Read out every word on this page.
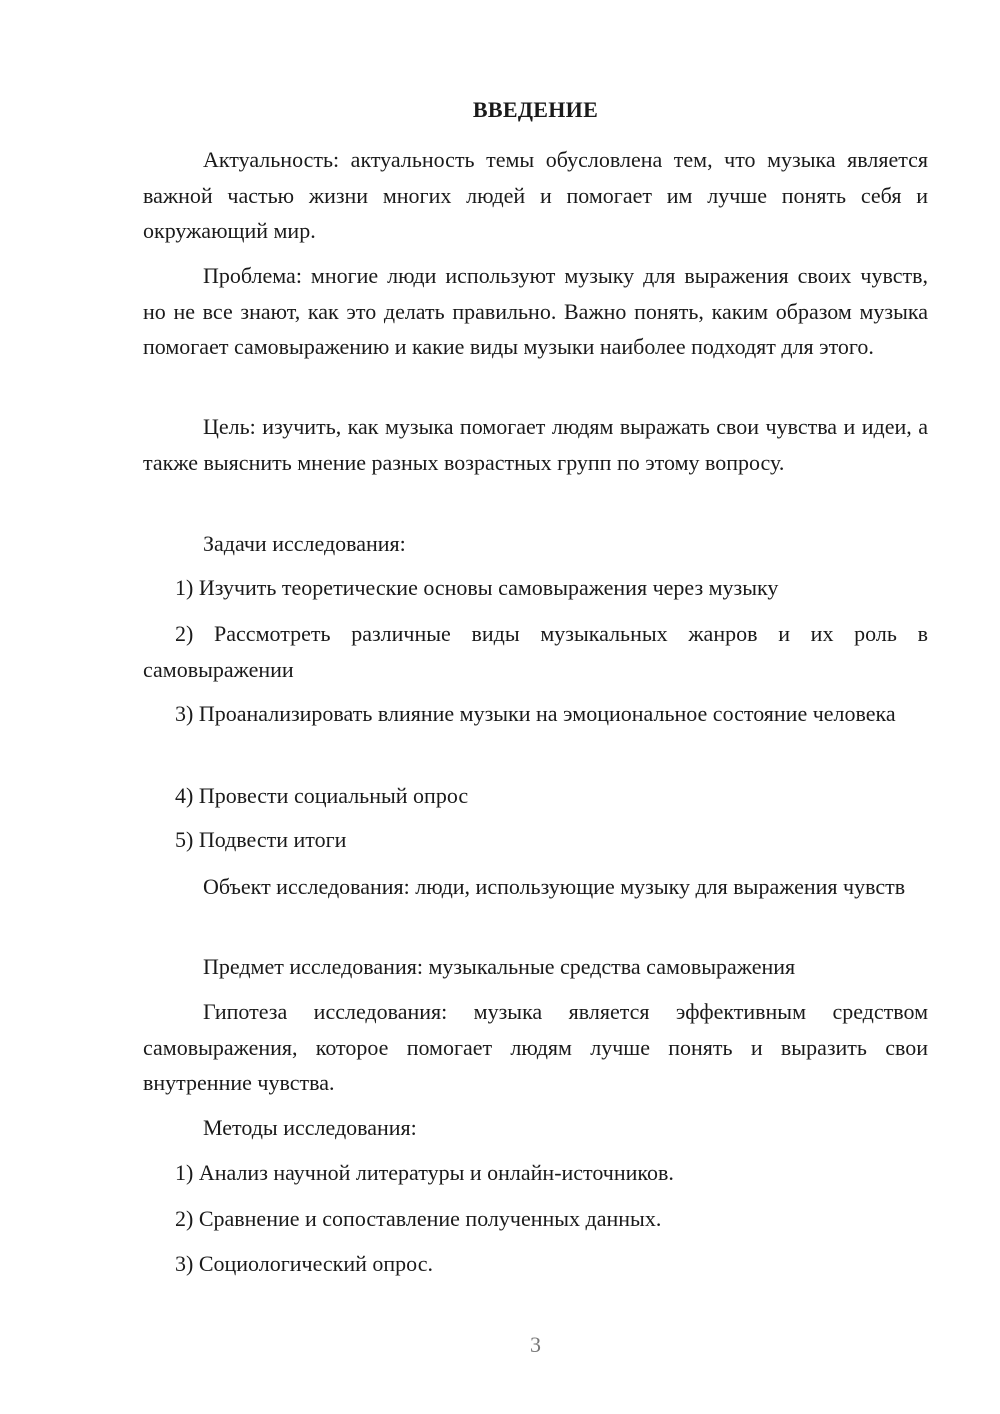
ВВЕДЕНИЕ

Актуальность: актуальность темы обусловлена тем, что музыка является важной частью жизни многих людей и помогает им лучше понять себя и окружающий мир.

Проблема: многие люди используют музыку для выражения своих чувств, но не все знают, как это делать правильно. Важно понять, каким образом музыка помогает самовыражению и какие виды музыки наиболее подходят для этого.

Цель: изучить, как музыка помогает людям выражать свои чувства и идеи, а также выяснить мнение разных возрастных групп по этому вопросу.

Задачи исследования:

1) Изучить теоретические основы самовыражения через музыку

2) Рассмотреть различные виды музыкальных жанров и их роль в самовыражении

3) Проанализировать влияние музыки на эмоциональное состояние человека

4) Провести социальный опрос

5) Подвести итоги

Объект исследования: люди, использующие музыку для выражения чувств

Предмет исследования: музыкальные средства самовыражения

Гипотеза исследования: музыка является эффективным средством самовыражения, которое помогает людям лучше понять и выразить свои внутренние чувства.

Методы исследования:

1) Анализ научной литературы и онлайн-источников.

2) Сравнение и сопоставление полученных данных.

3) Социологический опрос.

3
